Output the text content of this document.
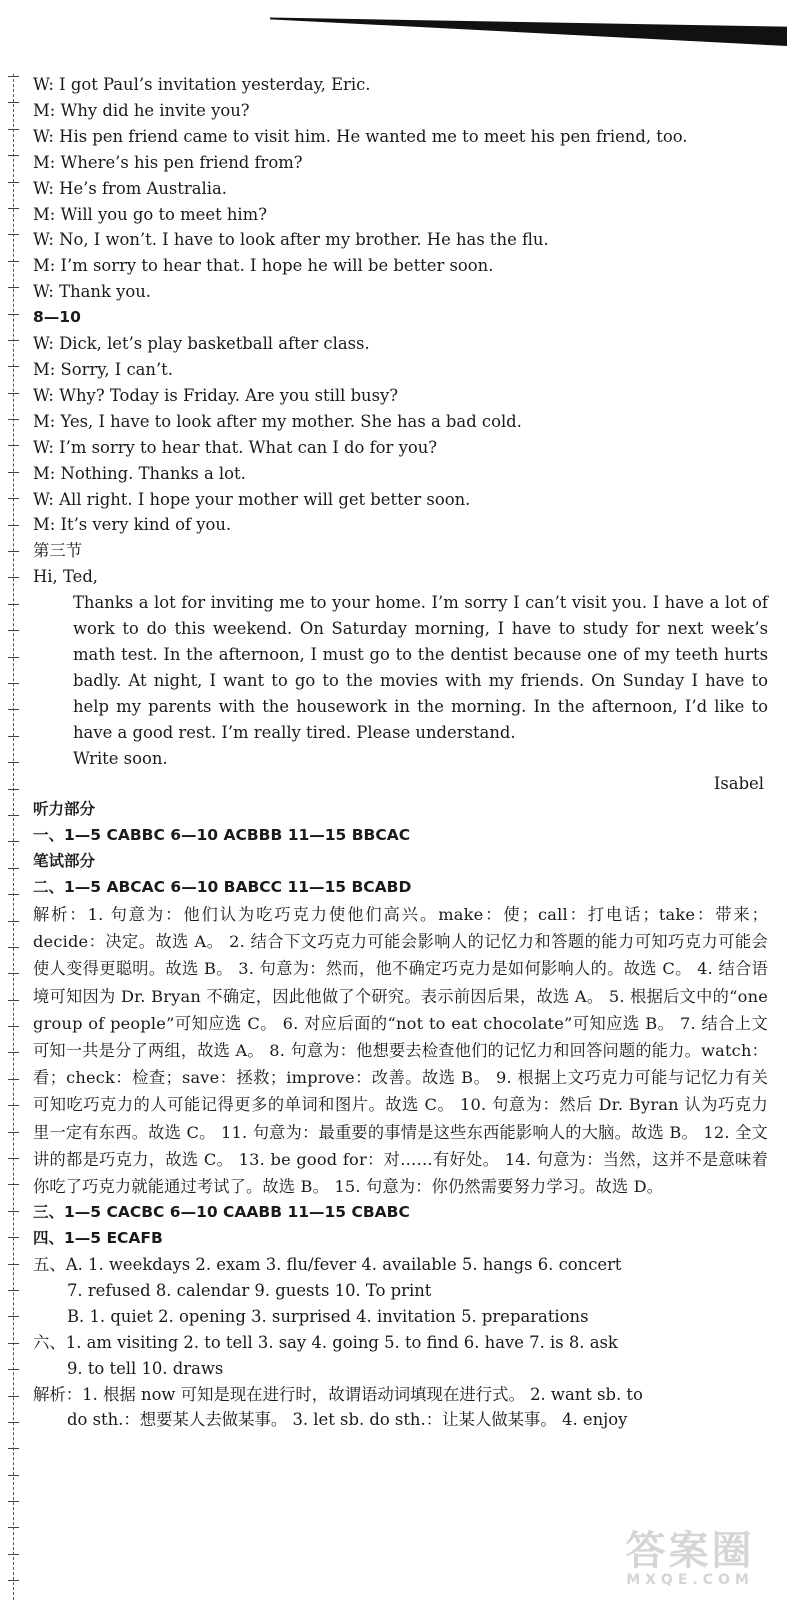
W: I got Paul’s invitation yesterday, Eric.
M: Why did he invite you?
W: His pen friend came to visit him. He wanted me to meet his pen friend, too.
M: Where’s his pen friend from?
W: He’s from Australia.
M: Will you go to meet him?
W: No, I won’t. I have to look after my brother. He has the flu.
M: I’m sorry to hear that. I hope he will be better soon.
W: Thank you.
8—10
W: Dick, let’s play basketball after class.
M: Sorry, I can’t.
W: Why? Today is Friday. Are you still busy?
M: Yes, I have to look after my mother. She has a bad cold.
W: I’m sorry to hear that. What can I do for you?
M: Nothing. Thanks a lot.
W: All right. I hope your mother will get better soon.
M: It’s very kind of you.
第三节
Hi, Ted,
Thanks a lot for inviting me to your home. I’m sorry I can’t visit you. I have a lot of work to do this weekend. On Saturday morning, I have to study for next week’s math test. In the afternoon, I must go to the dentist because one of my teeth hurts badly. At night, I want to go to the movies with my friends. On Sunday I have to help my parents with the housework in the morning. In the afternoon, I’d like to have a good rest. I’m really tired. Please understand.
Write soon.
Isabel
听力部分
一、1—5 CABBC 6—10 ACBBB 11—15 BBCAC
笔试部分
二、1—5 ABCAC 6—10 BABCC 11—15 BCABD
解析：1. 句意为：他们认为吃巧克力使他们高兴。make：使；call：打电话；take：带来；decide：决定。故选 A。 2. 结合下文巧克力可能会影响人的记忆力和答题的能力可知巧克力可能会使人变得更聪明。故选 B。 3. 句意为：然而，他不确定巧克力是如何影响人的。故选 C。 4. 结合语境可知因为 Dr. Bryan 不确定，因此他做了个研究。表示前因后果，故选 A。 5. 根据后文中的“one group of people”可知应选 C。 6. 对应后面的“not to eat chocolate”可知应选 B。 7. 结合上文可知一共是分了两组，故选 A。 8. 句意为：他想要去检查他们的记忆力和回答问题的能力。watch：看；check：检查；save：拯救；improve：改善。故选 B。 9. 根据上文巧克力可能与记忆力有关可知吃巧克力的人可能记得更多的单词和图片。故选 C。 10. 句意为：然后 Dr. Byran 认为巧克力里一定有东西。故选 C。 11. 句意为：最重要的事情是这些东西能影响人的大脑。故选 B。 12. 全文讲的都是巧克力，故选 C。 13. be good for：对……有好处。 14. 句意为：当然，这并不是意味着你吃了巧克力就能通过考试了。故选 B。 15. 句意为：你仍然需要努力学习。故选 D。
三、1—5 CACBC 6—10 CAABB 11—15 CBABC
四、1—5 ECAFB
五、A. 1. weekdays 2. exam 3. flu/fever 4. available 5. hangs 6. concert
7. refused 8. calendar 9. guests 10. To print
B. 1. quiet 2. opening 3. surprised 4. invitation 5. preparations
六、1. am visiting 2. to tell 3. say 4. going 5. to find 6. have 7. is 8. ask
9. to tell 10. draws
解析：1. 根据 now 可知是现在进行时，故谓语动词填现在进行式。 2. want sb. to
do sth.：想要某人去做某事。 3. let sb. do sth.：让某人做某事。 4. enjoy
答案圈
MXQE.COM
